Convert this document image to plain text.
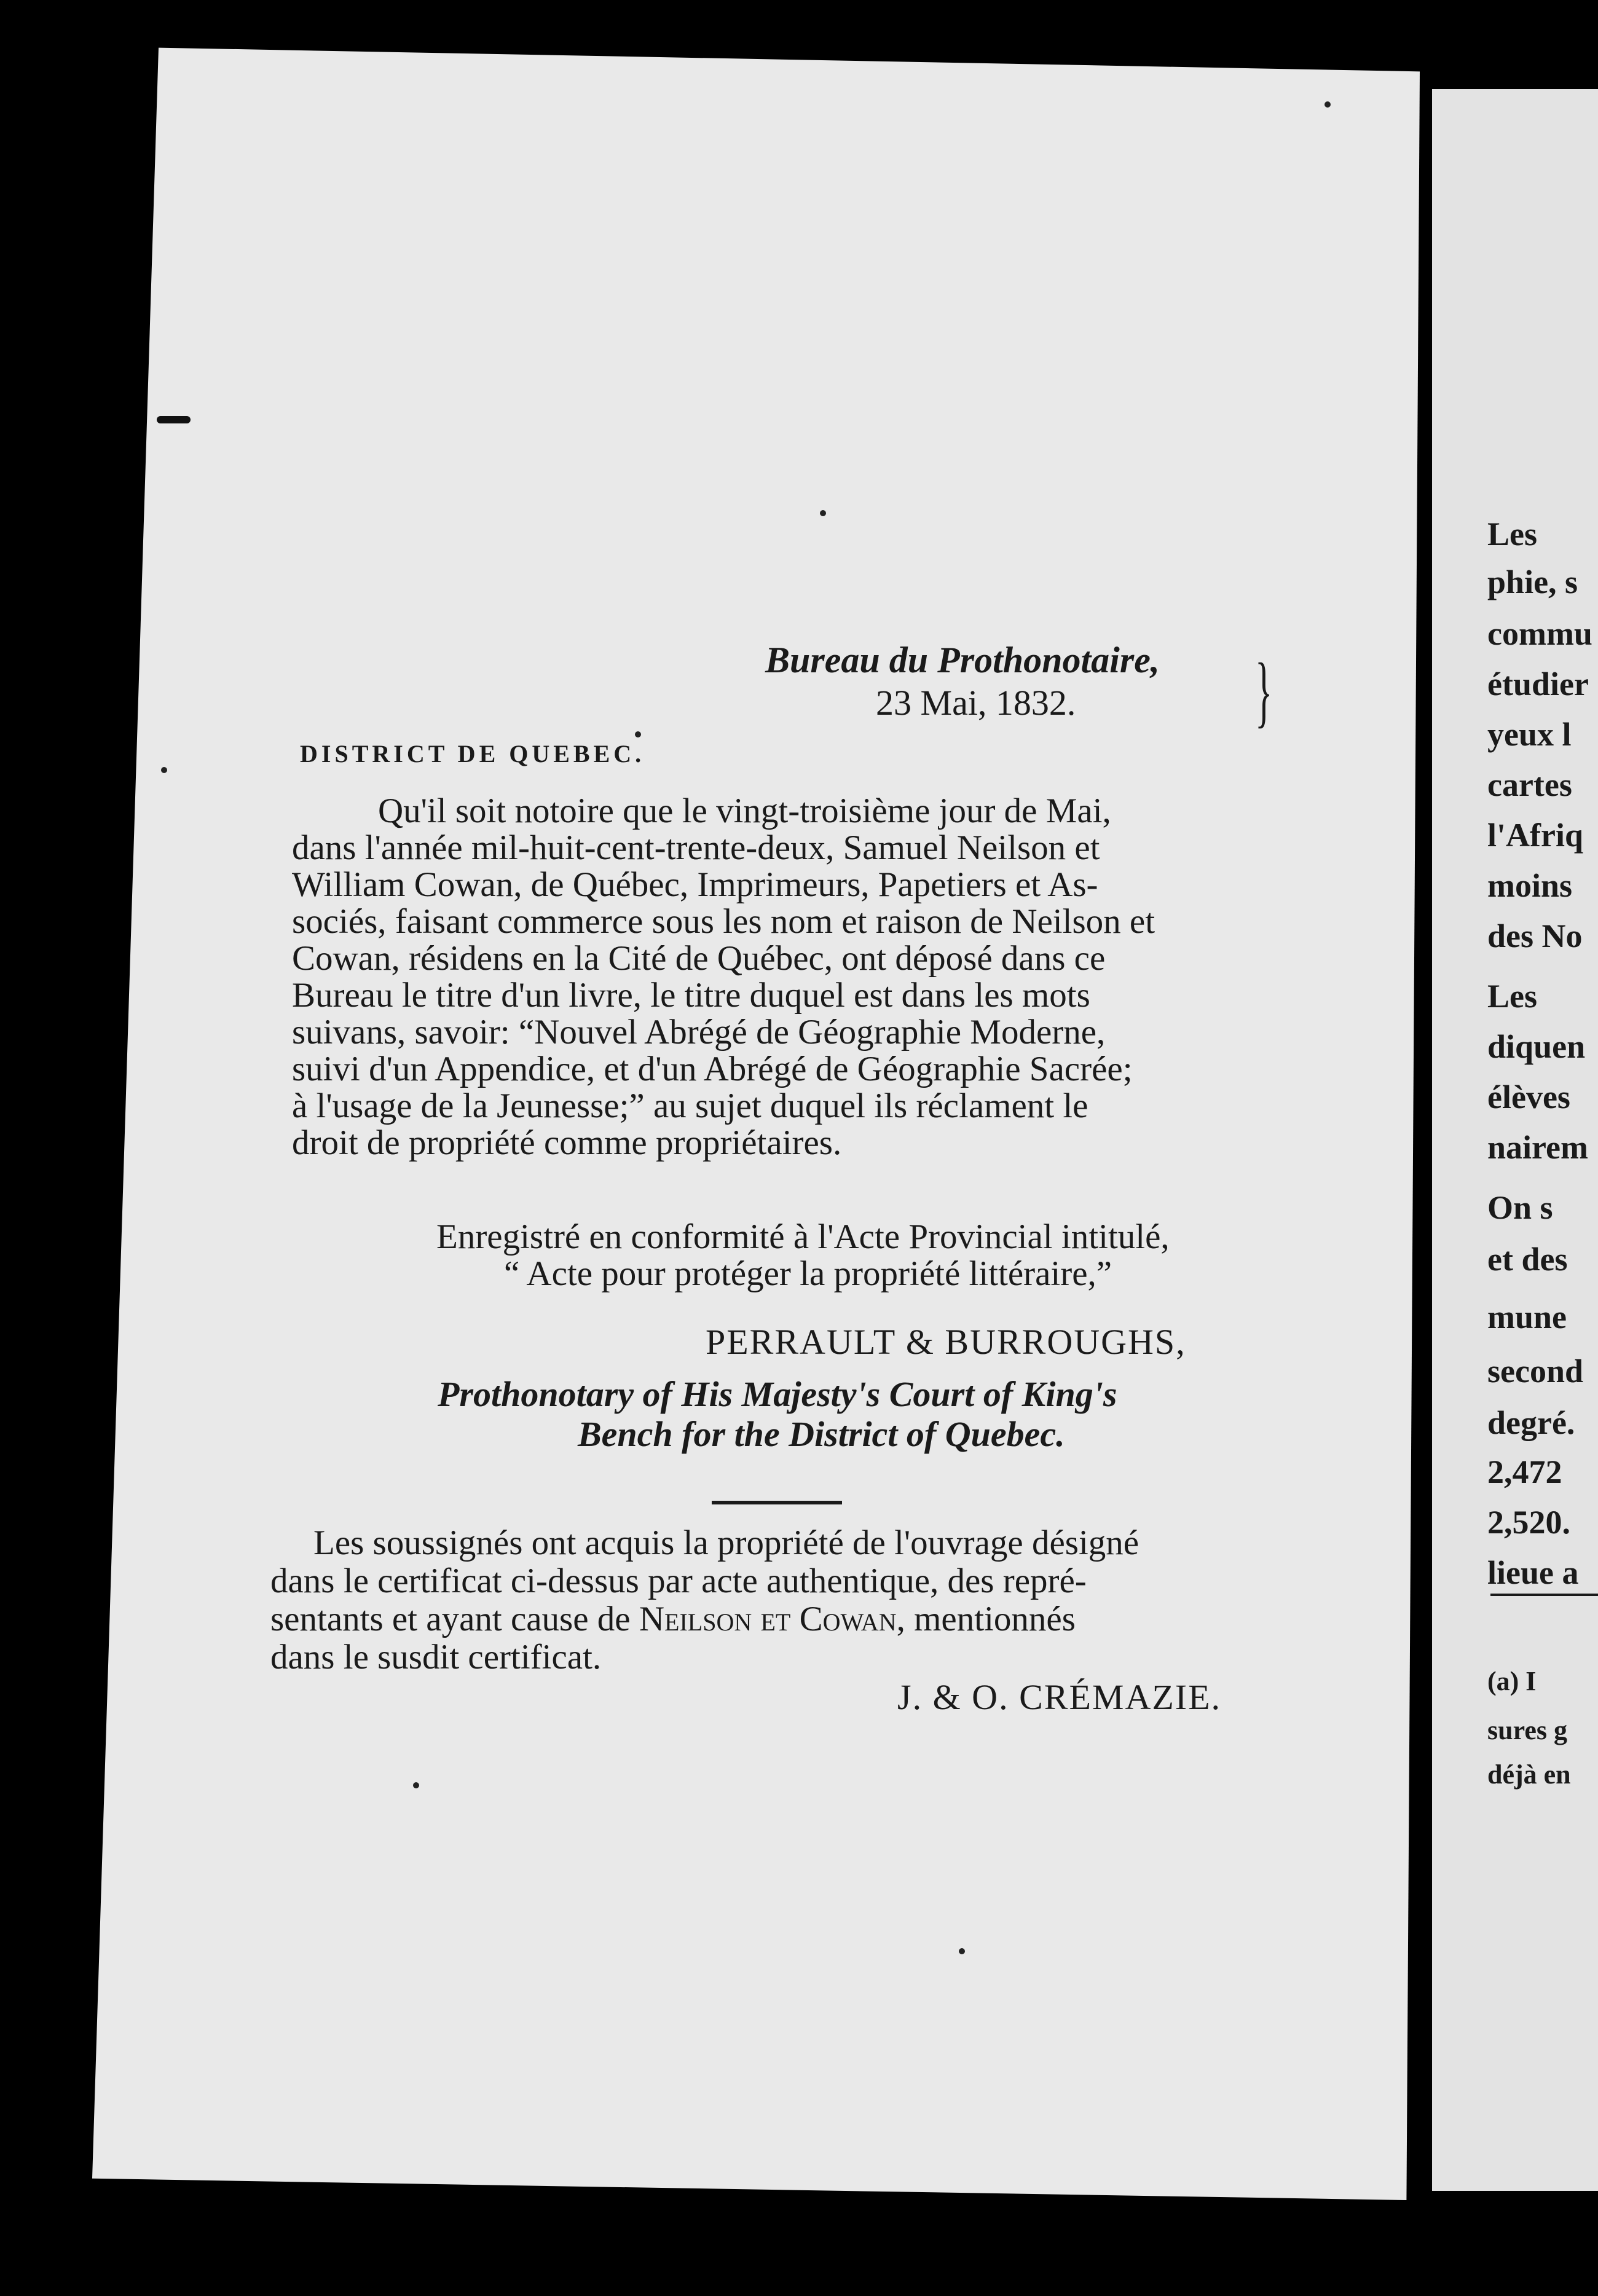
Bureau du Prothonotaire,
23 Mai, 1832. }
DISTRICT DE QUEBEC.
Qu'il soit notoire que le vingt-troisième jour de Mai,
dans l'année mil-huit-cent-trente-deux, Samuel Neilson et
William Cowan, de Québec, Imprimeurs, Papetiers et As-
sociés, faisant commerce sous les nom et raison de Neilson et
Cowan, résidens en la Cité de Québec, ont déposé dans ce
Bureau le titre d'un livre, le titre duquel est dans les mots
suivans, savoir: “Nouvel Abrégé de Géographie Moderne,
suivi d'un Appendice, et d'un Abrégé de Géographie Sacrée;
à l'usage de la Jeunesse;” au sujet duquel ils réclament le
droit de propriété comme propriétaires.
Enregistré en conformité à l'Acte Provincial intitulé,
“ Acte pour protéger la propriété littéraire,”
PERRAULT & BURROUGHS,
Prothonotary of His Majesty's Court of King's
Bench for the District of Quebec.
Les soussignés ont acquis la propriété de l'ouvrage désigné
dans le certificat ci-dessus par acte authentique, des repré-
sentants et ayant cause de Neilson et Cowan, mentionnés
dans le susdit certificat.
J. & O. CRÉMAZIE.
Les
phie, s
commu
étudier
yeux l
cartes
l'Afriq
moins
des No
Les
diquen
élèves
nairem
On s
et des
mune
second
degré.
2,472
2,520.
lieue a
(a) I
sures g
déjà en
